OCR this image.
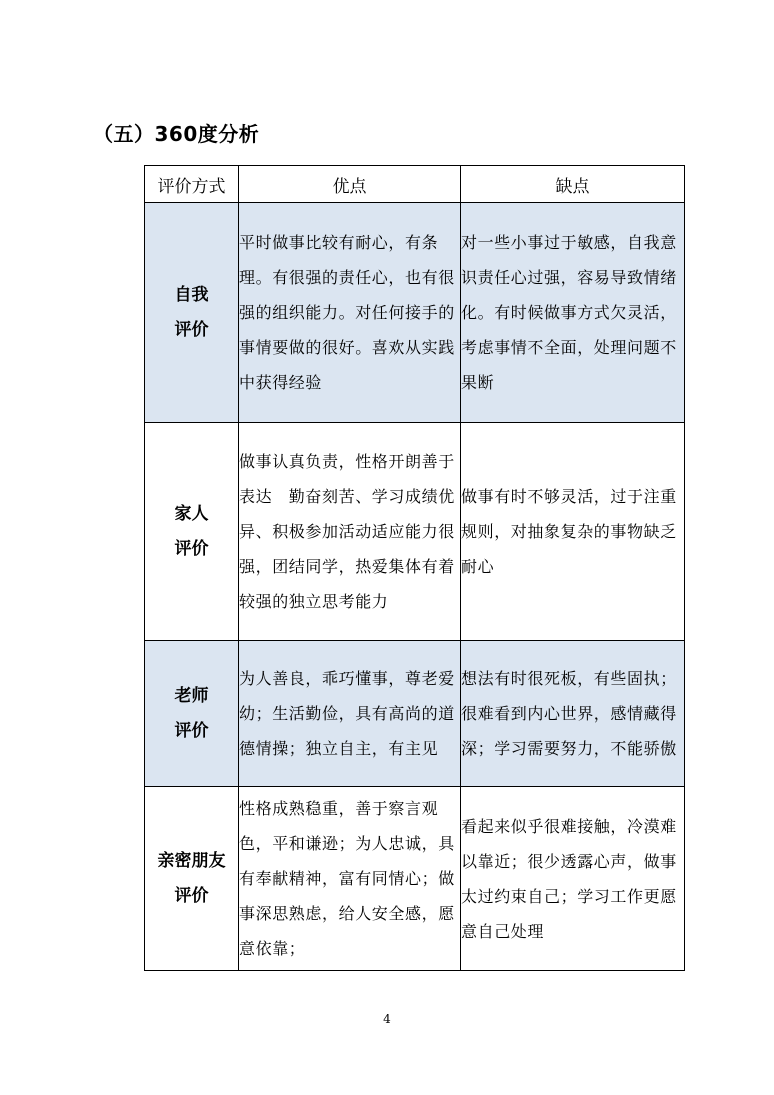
（五）360度分析
评价方式	优点	缺点

自我
评价	平时做事比较有耐心，有条理。有很强的责任心，也有很强的组织能力。对任何接手的事情要做的很好。喜欢从实践中获得经验	对一些小事过于敏感，自我意识责任心过强，容易导致情绪化。有时候做事方式欠灵活，考虑事情不全面，处理问题不果断

家人
评价	做事认真负责，性格开朗善于表达　勤奋刻苦、学习成绩优异、积极参加活动适应能力很强，团结同学，热爱集体有着较强的独立思考能力	做事有时不够灵活，过于注重规则，对抽象复杂的事物缺乏耐心

老师
评价	为人善良，乖巧懂事，尊老爱幼；生活勤俭，具有高尚的道德情操；独立自主，有主见	想法有时很死板，有些固执；很难看到内心世界，感情藏得深；学习需要努力，不能骄傲

亲密朋友
评价	性格成熟稳重，善于察言观色，平和谦逊；为人忠诚，具有奉献精神，富有同情心；做事深思熟虑，给人安全感，愿意依靠；	看起来似乎很难接触，冷漠难以靠近；很少透露心声，做事太过约束自己；学习工作更愿意自己处理
4
